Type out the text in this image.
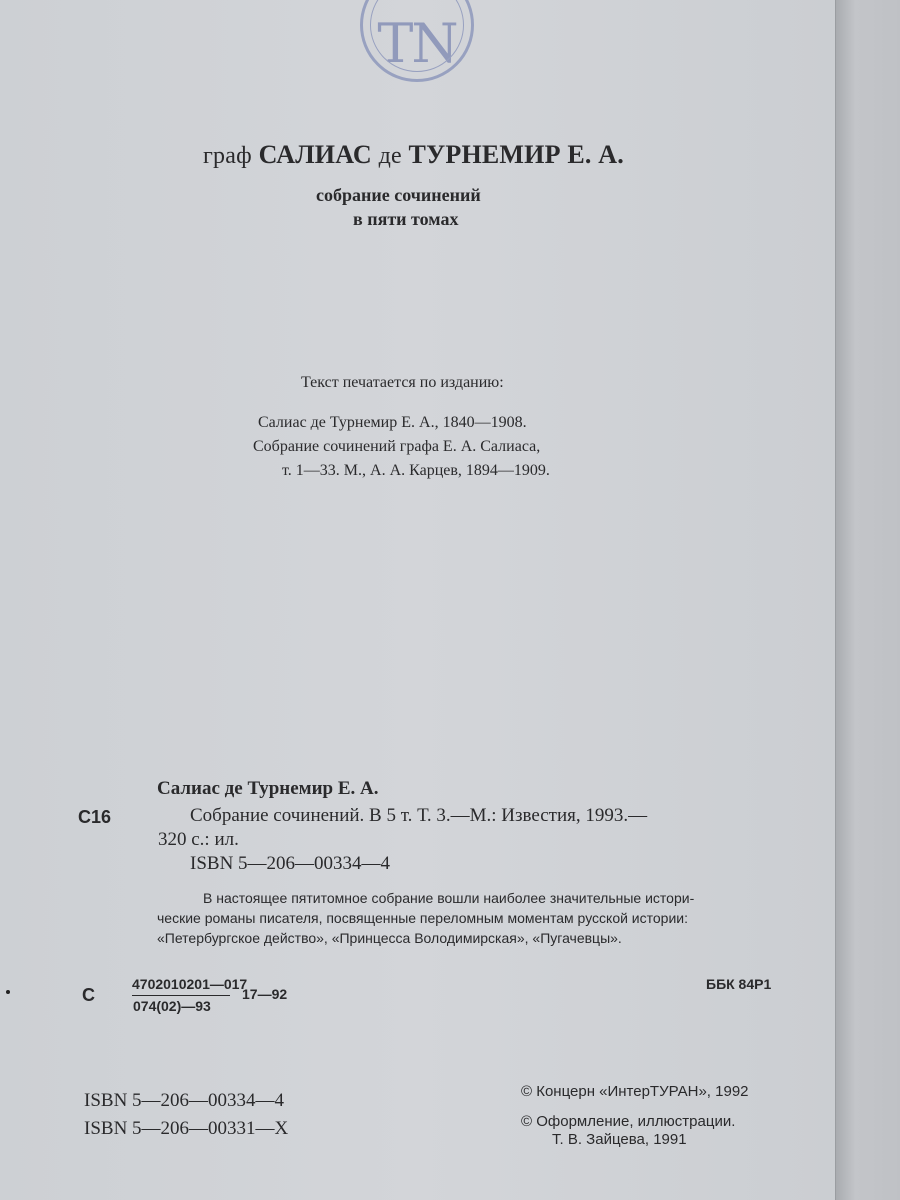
TN
граф САЛИАС де ТУРНЕМИР Е. А.
собрание сочинений
в пяти томах
Текст печатается по изданию:
Салиас де Турнемир Е. А., 1840—1908.
Собрание сочинений графа Е. А. Салиаса,
т. 1—33. М., А. А. Карцев, 1894—1909.
Салиас де Турнемир Е. А.
С16	Собрание сочинений. В 5 т. Т. 3.—М.: Известия, 1993.—
320 с.: ил.
ISBN 5—206—00334—4
В настоящее пятитомное собрание вошли наиболее значительные истори-
ческие романы писателя, посвященные переломным моментам русской истории:
«Петербургское действо», «Принцесса Володимирская», «Пугачевцы».
С
4702010201—017
074(02)—93
17—92
ББК 84Р1
ISBN 5—206—00334—4
ISBN 5—206—00331—Х
© Концерн «ИнтерТУРАН», 1992
© Оформление, иллюстрации.
Т. В. Зайцева, 1991
